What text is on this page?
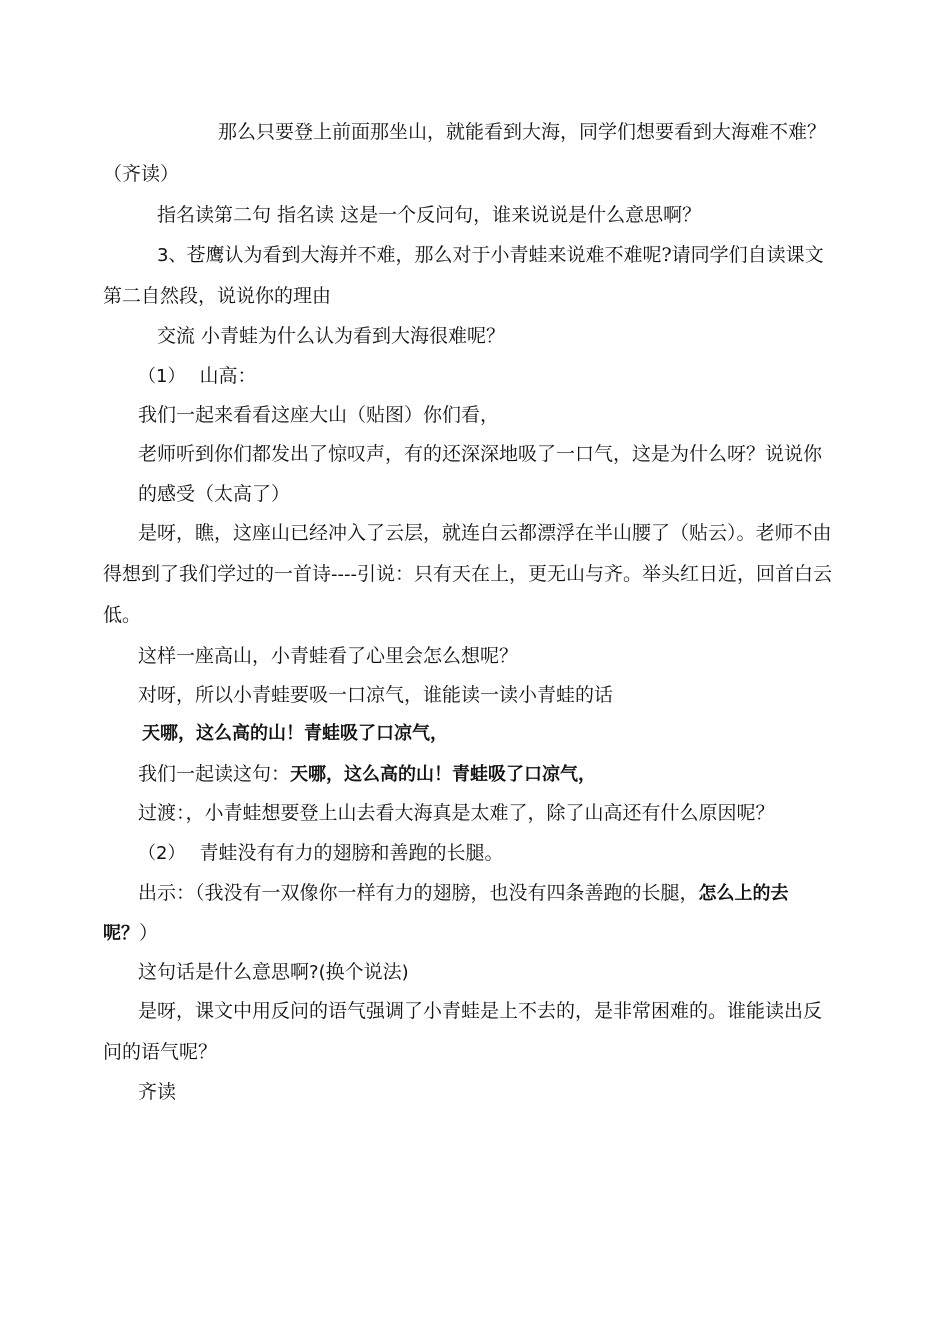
那么只要登上前面那坐山，就能看到大海，同学们想要看到大海难不难？
（齐读）
指名读第二句 指名读 这是一个反问句，谁来说说是什么意思啊？
3、苍鹰认为看到大海并不难，那么对于小青蛙来说难不难呢?请同学们自读课文
第二自然段，说说你的理由
交流 小青蛙为什么认为看到大海很难呢？
（1） 山高：
我们一起来看看这座大山（贴图）你们看，
老师听到你们都发出了惊叹声，有的还深深地吸了一口气，这是为什么呀？说说你
的感受（太高了）
是呀，瞧，这座山已经冲入了云层，就连白云都漂浮在半山腰了（贴云）。老师不由
得想到了我们学过的一首诗----引说：只有天在上，更无山与齐。举头红日近，回首白云
低。
这样一座高山，小青蛙看了心里会怎么想呢？
对呀，所以小青蛙要吸一口凉气，谁能读一读小青蛙的话
天哪，这么高的山！青蛙吸了口凉气，
我们一起读这句：天哪，这么高的山！青蛙吸了口凉气，
过渡：，小青蛙想要登上山去看大海真是太难了，除了山高还有什么原因呢？
（2） 青蛙没有有力的翅膀和善跑的长腿。
出示：（我没有一双像你一样有力的翅膀，也没有四条善跑的长腿，怎么上的去
呢？）
这句话是什么意思啊?(换个说法)
是呀，课文中用反问的语气强调了小青蛙是上不去的，是非常困难的。谁能读出反
问的语气呢？
齐读
